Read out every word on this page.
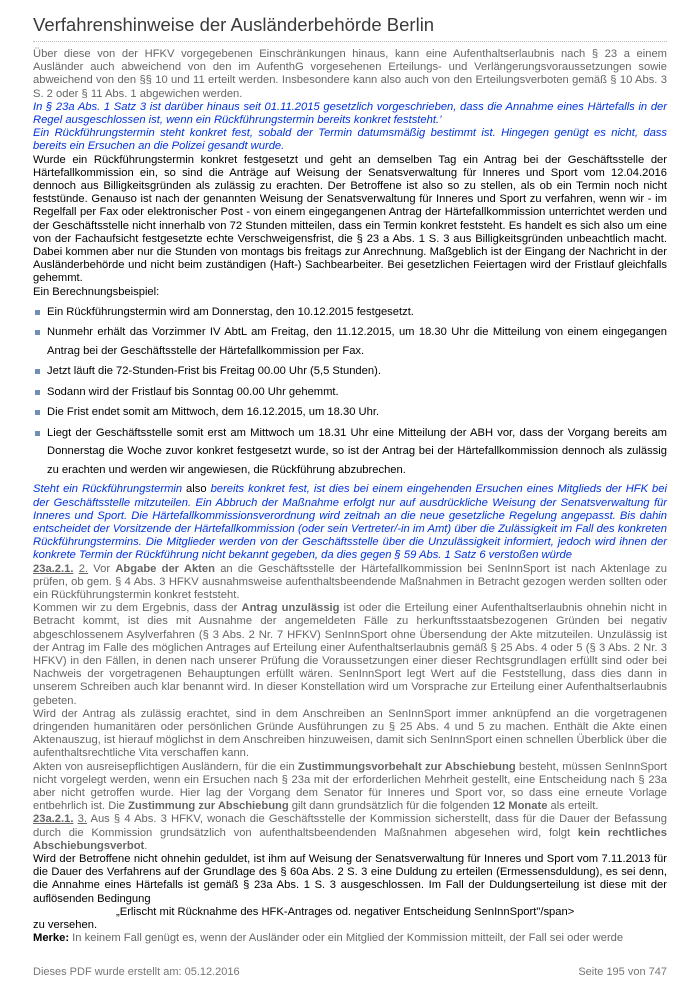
Verfahrenshinweise der Ausländerbehörde Berlin

Über diese von der HFKV vorgegebenen Einschränkungen hinaus, kann eine Aufenthaltserlaubnis nach § 23 a einem Ausländer auch abweichend von den im AufenthG vorgesehenen Erteilungs- und Verlängerungsvoraussetzungen sowie abweichend von den §§ 10 und 11 erteilt werden. Insbesondere kann also auch von den Erteilungsverboten gemäß § 10 Abs. 3 S. 2 oder § 11 Abs. 1 abgewichen werden.

In § 23a Abs. 1 Satz 3 ist darüber hinaus seit 01.11.2015 gesetzlich vorgeschrieben, dass die Annahme eines Härtefalls in der Regel ausgeschlossen ist, wenn ein Rückführungstermin bereits konkret feststeht.’

Ein Rückführungstermin steht konkret fest, sobald der Termin datumsmäßig bestimmt ist. Hingegen genügt es nicht, dass bereits ein Ersuchen an die Polizei gesandt wurde.

Wurde ein Rückführungstermin konkret festgesetzt und geht an demselben Tag ein Antrag bei der Geschäftsstelle der Härtefallkommission ein, so sind die Anträge auf Weisung der Senatsverwaltung für Inneres und Sport vom 12.04.2016 dennoch aus Billigkeitsgründen als zulässig zu erachten. Der Betroffene ist also so zu stellen, als ob ein Termin noch nicht feststünde. Genauso ist nach der genannten Weisung der Senatsverwaltung für Inneres und Sport zu verfahren, wenn wir - im Regelfall per Fax oder elektronischer Post - von einem eingegangenen Antrag der Härtefallkommission unterrichtet werden und der Geschäftsstelle nicht innerhalb von 72 Stunden mitteilen, dass ein Termin konkret feststeht. Es handelt es sich also um eine von der Fachaufsicht festgesetzte echte Verschweigensfrist, die § 23 a Abs. 1 S. 3 aus Billigkeitsgründen unbeachtlich macht. Dabei kommen aber nur die Stunden von montags bis freitags zur Anrechnung. Maßgeblich ist der Eingang der Nachricht in der Ausländerbehörde und nicht beim zuständigen (Haft-) Sachbearbeiter. Bei gesetzlichen Feiertagen wird der Fristlauf gleichfalls gehemmt.

Ein Berechnungsbeispiel:

Ein Rückführungstermin wird am Donnerstag, den 10.12.2015 festgesetzt.
Nunmehr erhält das Vorzimmer IV AbtL am Freitag, den 11.12.2015, um 18.30 Uhr die Mitteilung von einem eingegangen Antrag bei der Geschäftsstelle der Härtefallkommission per Fax.
Jetzt läuft die 72-Stunden-Frist bis Freitag 00.00 Uhr (5,5 Stunden).
Sodann wird der Fristlauf bis Sonntag 00.00 Uhr gehemmt.
Die Frist endet somit am Mittwoch, dem 16.12.2015, um 18.30 Uhr.
Liegt der Geschäftsstelle somit erst am Mittwoch um 18.31 Uhr eine Mitteilung der ABH vor, dass der Vorgang bereits am Donnerstag die Woche zuvor konkret festgesetzt wurde, so ist der Antrag bei der Härtefallkommission dennoch als zulässig zu erachten und werden wir angewiesen, die Rückführung abzubrechen.

Steht ein Rückführungstermin also bereits konkret fest, ist dies bei einem eingehenden Ersuchen eines Mitglieds der HFK bei der Geschäftsstelle mitzuteilen. Ein Abbruch der Maßnahme erfolgt nur auf ausdrückliche Weisung der Senatsverwaltung für Inneres und Sport. Die Härtefallkommissionsverordnung wird zeitnah an die neue gesetzliche Regelung angepasst. Bis dahin entscheidet der Vorsitzende der Härtefallkommission (oder sein Vertreter/-in im Amt) über die Zulässigkeit im Fall des konkreten Rückführungstermins. Die Mitglieder werden von der Geschäftsstelle über die Unzulässigkeit informiert, jedoch wird ihnen der konkrete Termin der Rückführung nicht bekannt gegeben, da dies gegen § 59 Abs. 1 Satz 6 verstoßen würde

23a.2.1. 2. Vor Abgabe der Akten an die Geschäftsstelle der Härtefallkommission bei SenInnSport ist nach Aktenlage zu prüfen, ob gem. § 4 Abs. 3 HFKV ausnahmsweise aufenthaltsbeendende Maßnahmen in Betracht gezogen werden sollten oder ein Rückführungstermin konkret feststeht.

Kommen wir zu dem Ergebnis, dass der Antrag unzulässig ist oder die Erteilung einer Aufenthaltserlaubnis ohnehin nicht in Betracht kommt, ist dies mit Ausnahme der angemeldeten Fälle zu herkunftsstaatsbezogenen Gründen bei negativ abgeschlossenem Asylverfahren (§ 3 Abs. 2 Nr. 7 HFKV) SenInnSport ohne Übersendung der Akte mitzuteilen. Unzulässig ist der Antrag im Falle des möglichen Antrages auf Erteilung einer Aufenthaltserlaubnis gemäß § 25 Abs. 4 oder 5 (§ 3 Abs. 2 Nr. 3 HFKV) in den Fällen, in denen nach unserer Prüfung die Voraussetzungen einer dieser Rechtsgrundlagen erfüllt sind oder bei Nachweis der vorgetragenen Behauptungen erfüllt wären. SenInnSport legt Wert auf die Feststellung, dass dies dann in unserem Schreiben auch klar benannt wird. In dieser Konstellation wird um Vorsprache zur Erteilung einer Aufenthaltserlaubnis gebeten.

Wird der Antrag als zulässig erachtet, sind in dem Anschreiben an SenInnSport immer anknüpfend an die vorgetragenen dringenden humanitären oder persönlichen Gründe Ausführungen zu § 25 Abs. 4 und 5 zu machen. Enthält die Akte einen Aktenauszug, ist hierauf möglichst in dem Anschreiben hinzuweisen, damit sich SenInnSport einen schnellen Überblick über die aufenthaltsrechtliche Vita verschaffen kann.

Akten von ausreisepflichtigen Ausländern, für die ein Zustimmungsvorbehalt zur Abschiebung besteht, müssen SenInnSport nicht vorgelegt werden, wenn ein Ersuchen nach § 23a mit der erforderlichen Mehrheit gestellt, eine Entscheidung nach § 23a aber nicht getroffen wurde. Hier lag der Vorgang dem Senator für Inneres und Sport vor, so dass eine erneute Vorlage entbehrlich ist. Die Zustimmung zur Abschiebung gilt dann grundsätzlich für die folgenden 12 Monate als erteilt.

23a.2.1. 3. Aus § 4 Abs. 3 HFKV, wonach die Geschäftsstelle der Kommission sicherstellt, dass für die Dauer der Befassung durch die Kommission grundsätzlich von aufenthaltsbeendenden Maßnahmen abgesehen wird, folgt kein rechtliches Abschiebungsverbot.

Wird der Betroffene nicht ohnehin geduldet, ist ihm auf Weisung der Senatsverwaltung für Inneres und Sport vom 7.11.2013 für die Dauer des Verfahrens auf der Grundlage des § 60a Abs. 2 S. 3 eine Duldung zu erteilen (Ermessensduldung), es sei denn, die Annahme eines Härtefalls ist gemäß § 23a Abs. 1 S. 3 ausgeschlossen. Im Fall der Duldungserteilung ist diese mit der auflösenden Bedingung

„Erlischt mit Rücknahme des HFK-Antrages od. negativer Entscheidung SenInnSport"/span>

zu versehen.

Merke: In keinem Fall genügt es, wenn der Ausländer oder ein Mitglied der Kommission mitteilt, der Fall sei oder werde

Dieses PDF wurde erstellt am: 05.12.2016	Seite 195 von 747
